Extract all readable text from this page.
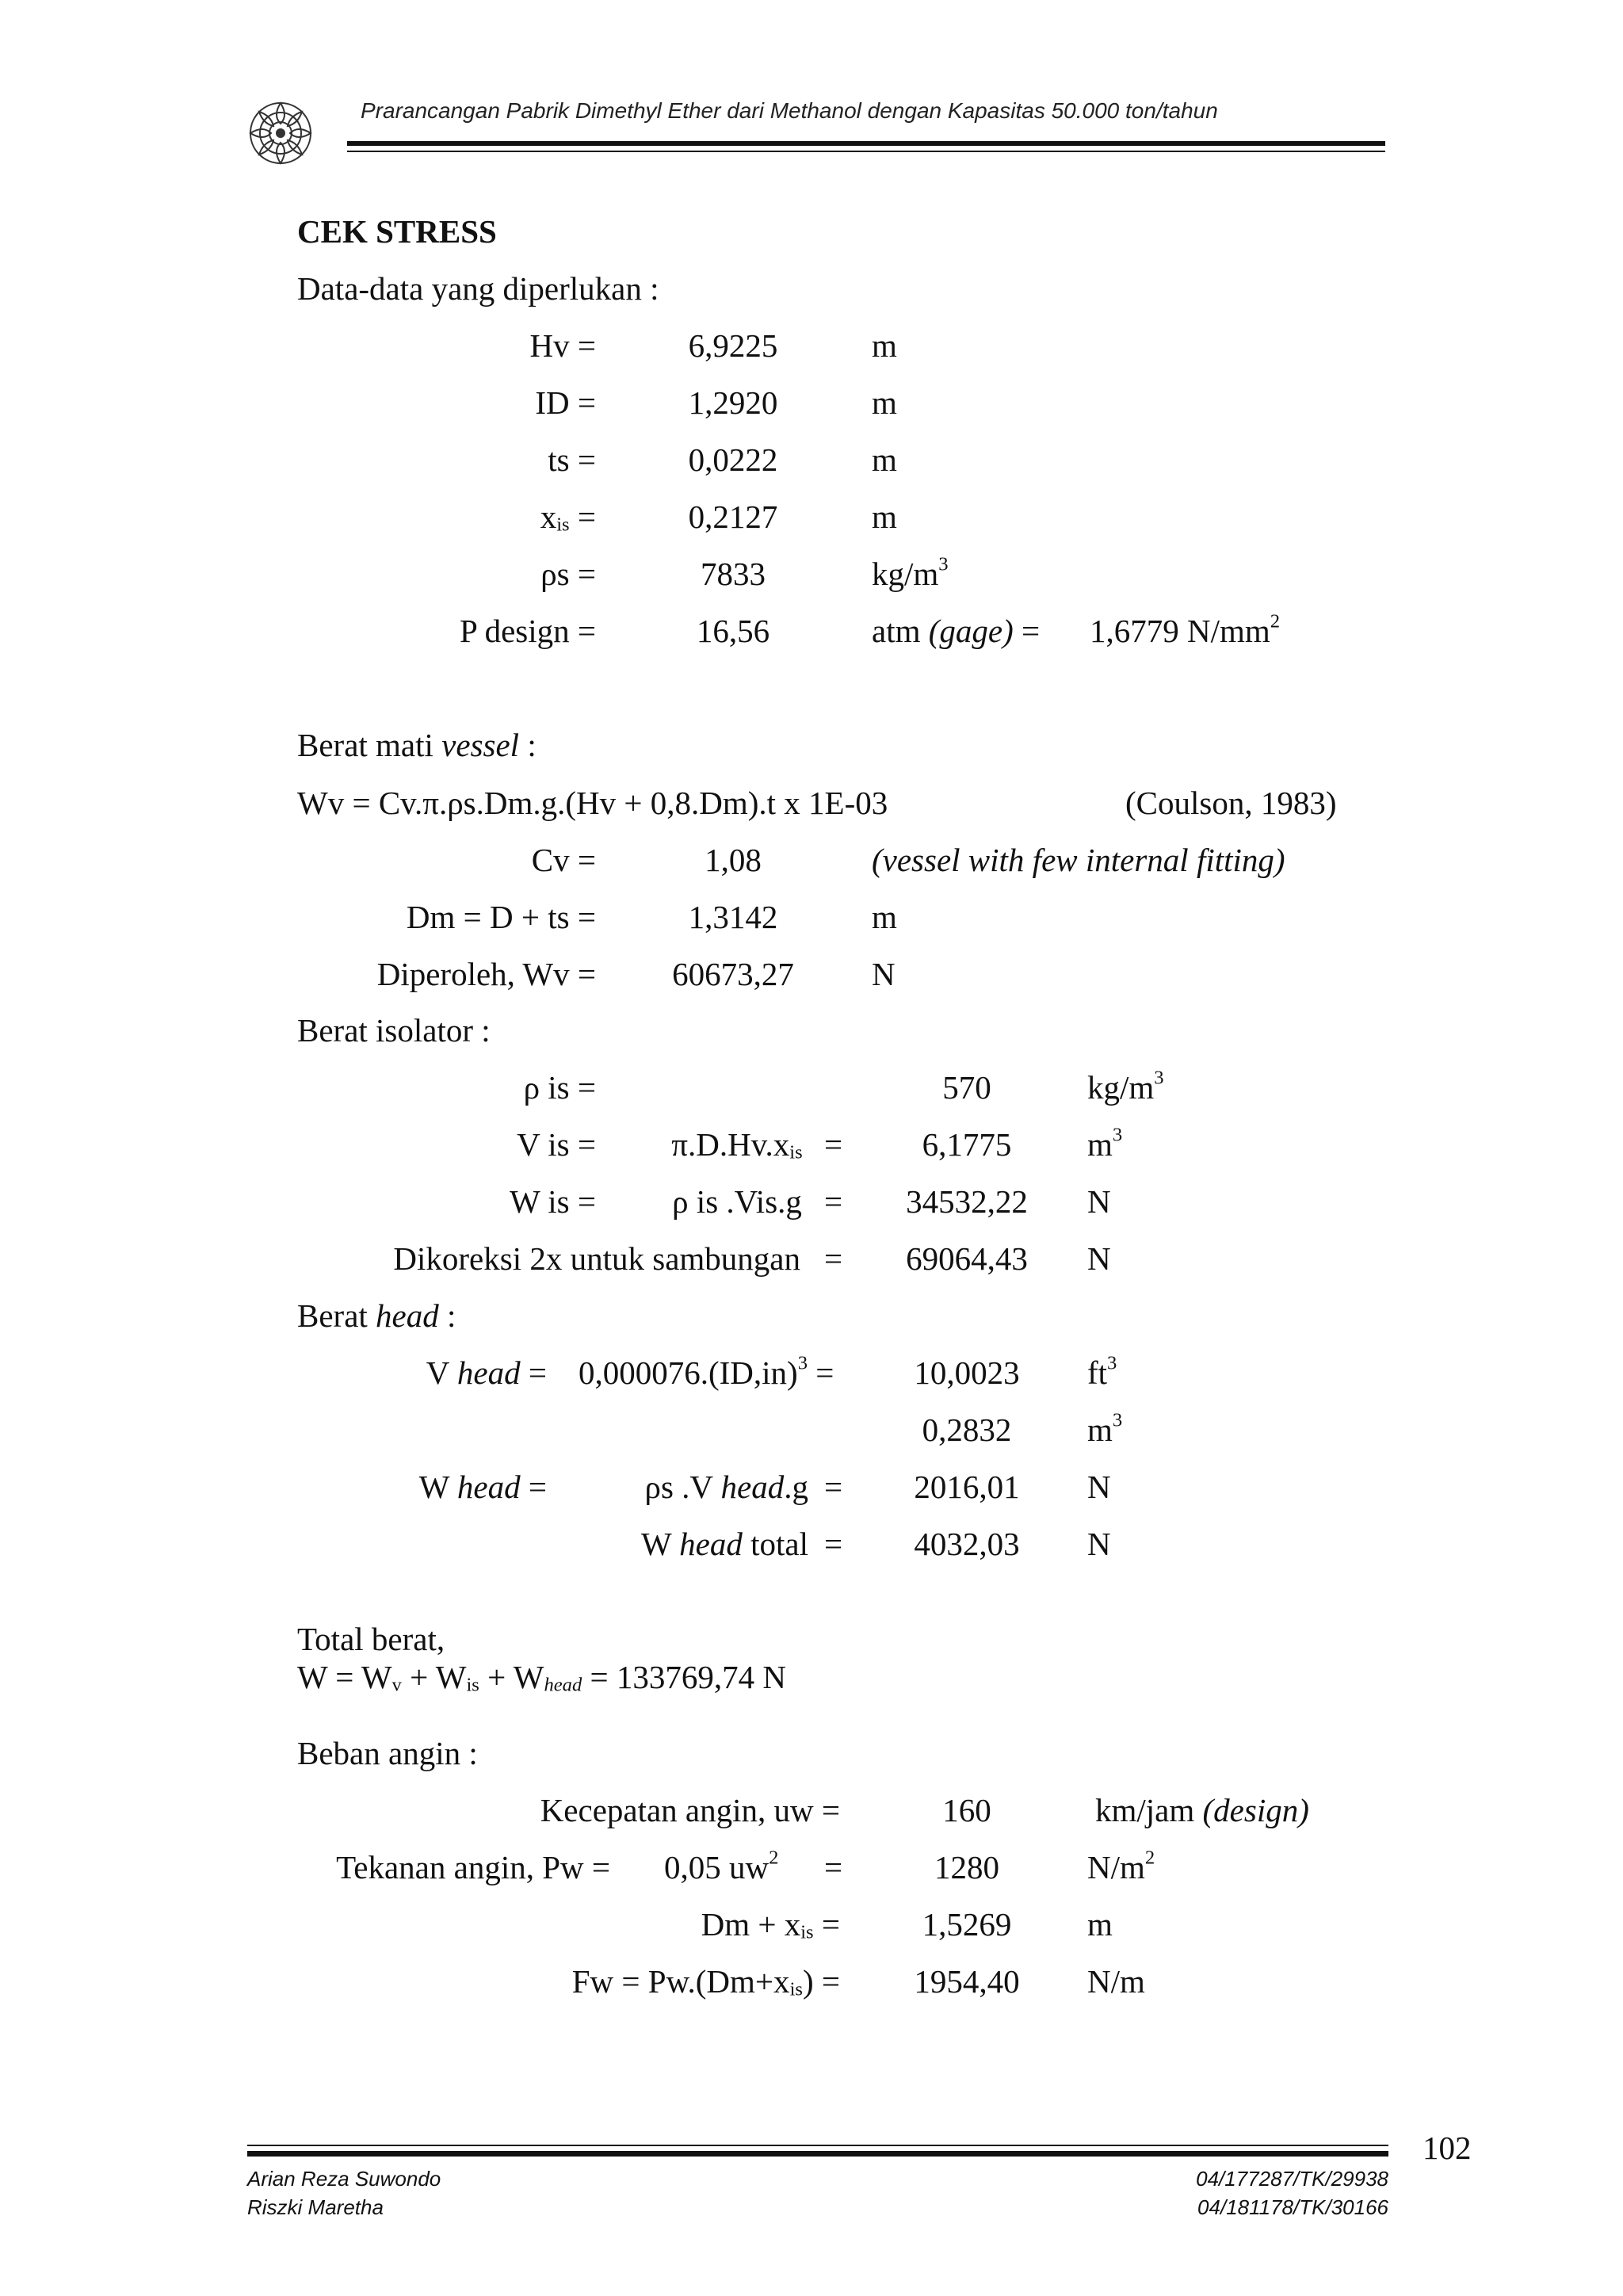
Prarancangan Pabrik Dimethyl Ether dari Methanol dengan Kapasitas 50.000 ton/tahun
CEK STRESS
Data-data yang diperlukan :
Hv =	6,9225	m
ID =	1,2920	m
ts =	0,0222	m
$x_{is}$ =	0,2127	m
ρs =	7833	$kg/m^3$
P design =	16,56	atm (gage) = 1,6779 $N/mm^2$
Berat mati vessel :
Wv = Cv.π.ρs.Dm.g.(Hv + 0,8.Dm).t x 1E-03	(Coulson, 1983)
Cv =	1,08	(vessel with few internal fitting)
Dm = D + ts =	1,3142	m
Diperoleh, Wv =	60673,27	N
Berat isolator :
ρ is =	570	$kg/m^3$
V is =	$\pi.D.Hv.x_{is}$ =	6,1775	$m^3$
W is =	ρ is .Vis.g =	34532,22	N
Dikoreksi 2x untuk sambungan =	69064,43	N
Berat head :
V head = $0,000076.(ID,in)^3$ =	10,0023	$ft^3$
0,2832	$m^3$
W head =	ρs .V head.g =	2016,01	N
W head total =	4032,03	N
Total berat,
$W = W_v + W_{is} + W_{head} = 133769,74$ N
Beban angin :
Kecepatan angin, uw =	160	km/jam (design)
Tekanan angin, Pw = 0,05 $uw^2$ =	1280	$N/m^2$
$Dm + x_{is}$ =	1,5269	m
$Fw = Pw.(Dm+x_{is})$ =	1954,40	N/m
102
Arian Reza Suwondo
Riszki Maretha
04/177287/TK/29938
04/181178/TK/30166
